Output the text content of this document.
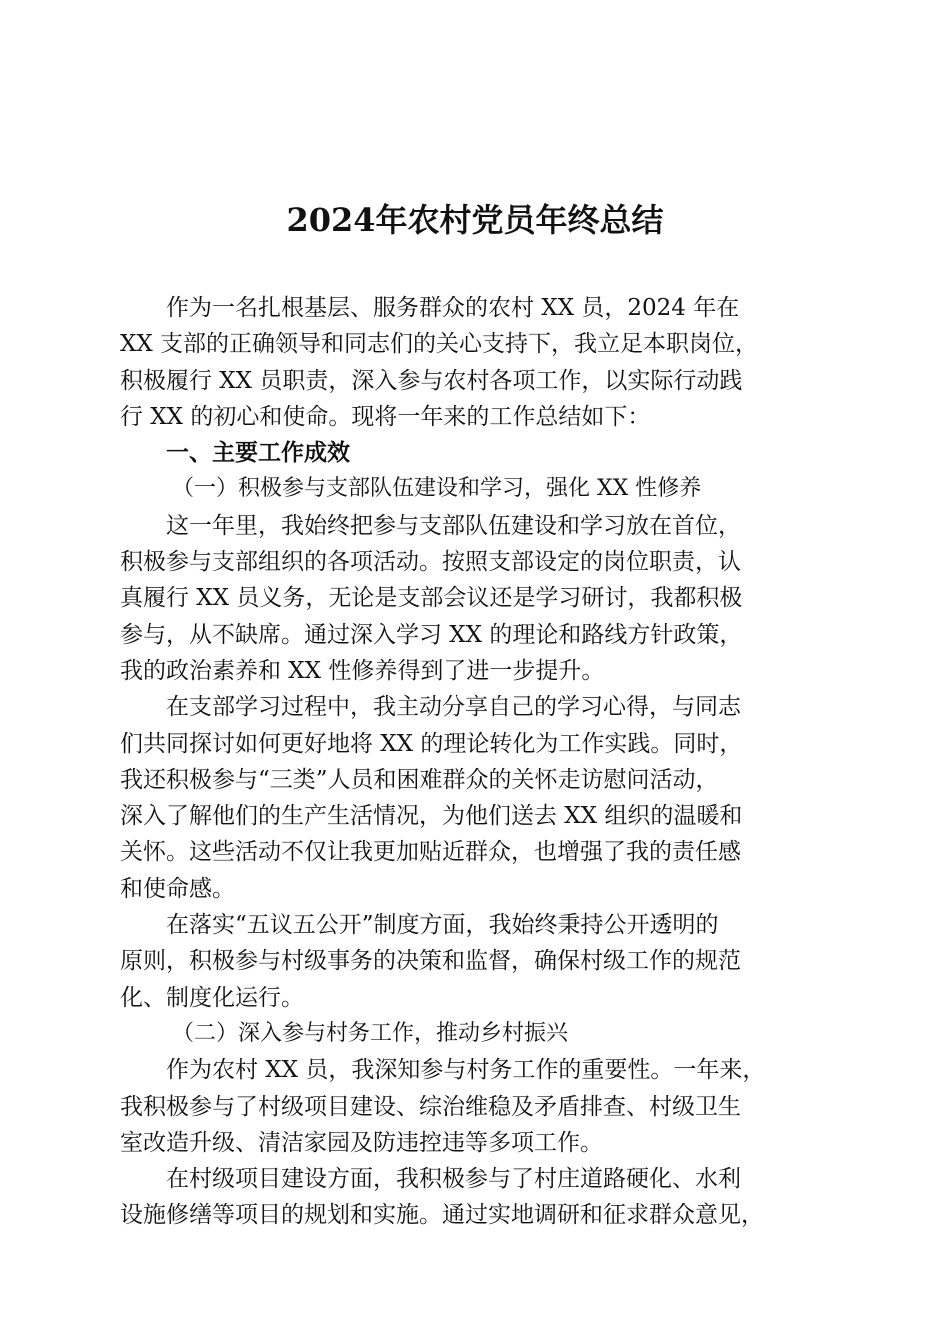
2024年农村党员年终总结
作为一名扎根基层、服务群众的农村 XX 员，2024 年在
XX 支部的正确领导和同志们的关心支持下，我立足本职岗位，
积极履行 XX 员职责，深入参与农村各项工作，以实际行动践
行 XX 的初心和使命。现将一年来的工作总结如下：
一、主要工作成效
（一）积极参与支部队伍建设和学习，强化 XX 性修养
这一年里，我始终把参与支部队伍建设和学习放在首位，
积极参与支部组织的各项活动。按照支部设定的岗位职责，认
真履行 XX 员义务，无论是支部会议还是学习研讨，我都积极
参与，从不缺席。通过深入学习 XX 的理论和路线方针政策，
我的政治素养和 XX 性修养得到了进一步提升。
在支部学习过程中，我主动分享自己的学习心得，与同志
们共同探讨如何更好地将 XX 的理论转化为工作实践。同时，
我还积极参与“三类”人员和困难群众的关怀走访慰问活动，
深入了解他们的生产生活情况，为他们送去 XX 组织的温暖和
关怀。这些活动不仅让我更加贴近群众，也增强了我的责任感
和使命感。
在落实“五议五公开”制度方面，我始终秉持公开透明的
原则，积极参与村级事务的决策和监督，确保村级工作的规范
化、制度化运行。
（二）深入参与村务工作，推动乡村振兴
作为农村 XX 员，我深知参与村务工作的重要性。一年来，
我积极参与了村级项目建设、综治维稳及矛盾排查、村级卫生
室改造升级、清洁家园及防违控违等多项工作。
在村级项目建设方面，我积极参与了村庄道路硬化、水利
设施修缮等项目的规划和实施。通过实地调研和征求群众意见，
